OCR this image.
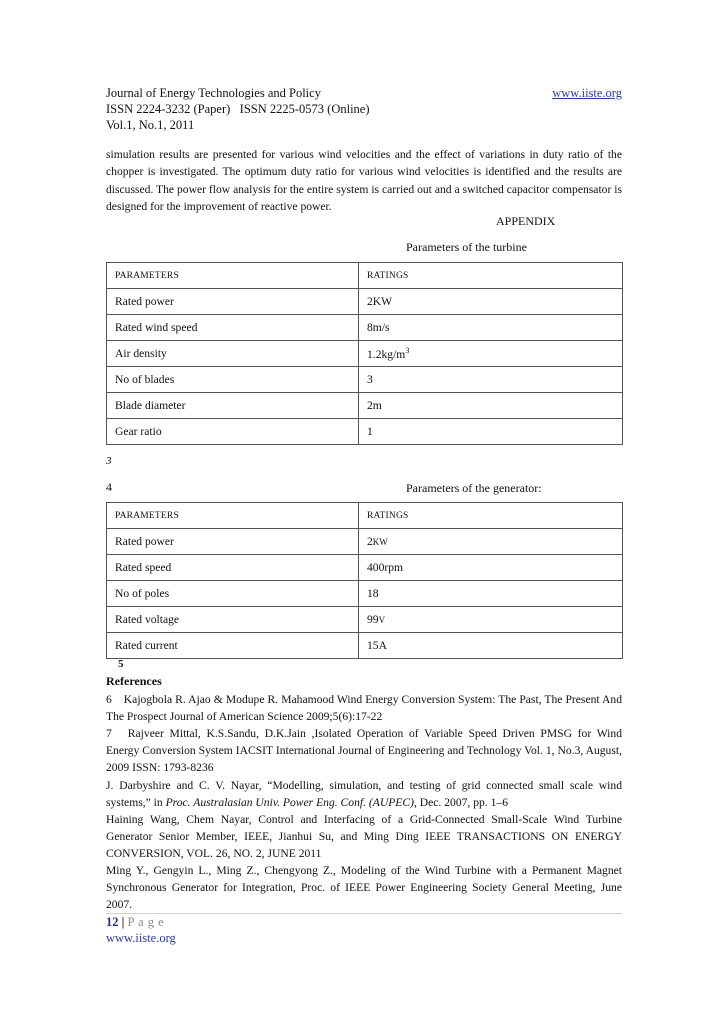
Journal of Energy Technologies and Policy	www.iiste.org
ISSN 2224-3232 (Paper)   ISSN 2225-0573 (Online)
Vol.1, No.1, 2011
simulation results are presented for various wind velocities and the effect of variations in duty ratio of the chopper is investigated. The optimum duty ratio for various wind velocities is identified and the results are discussed. The power flow analysis for the entire system is carried out and a switched capacitor compensator is designed for the improvement of reactive power.
APPENDIX
Parameters of the turbine
PARAMETERS	RATINGS
Rated power	2KW
Rated wind speed	8m/s
Air density	$1.2kg/m^3$
No of blades	3
Blade diameter	2m
Gear ratio	1
3
4	Parameters of the generator:
PARAMETERS	RATINGS
Rated power	2KW
Rated speed	400rpm
No of poles	18
Rated voltage	99V
Rated current	15A
5
References
6 Kajogbola R. Ajao & Modupe R. Mahamood Wind Energy Conversion System: The Past, The Present And The Prospect Journal of American Science 2009;5(6):17-22
7 Rajveer Mittal, K.S.Sandu, D.K.Jain ,Isolated Operation of Variable Speed Driven PMSG for Wind Energy Conversion System IACSIT International Journal of Engineering and Technology Vol. 1, No.3, August, 2009 ISSN: 1793-8236
J. Darbyshire and C. V. Nayar, “Modelling, simulation, and testing of grid connected small scale wind systems,” in Proc. Australasian Univ. Power Eng. Conf. (AUPEC), Dec. 2007, pp. 1–6
Haining Wang, Chem Nayar, Control and Interfacing of a Grid-Connected Small-Scale Wind Turbine Generator Senior Member, IEEE, Jianhui Su, and Ming Ding IEEE TRANSACTIONS ON ENERGY CONVERSION, VOL. 26, NO. 2, JUNE 2011
Ming Y., Gengyin L., Ming Z., Chengyong Z., Modeling of the Wind Turbine with a Permanent Magnet Synchronous Generator for Integration, Proc. of IEEE Power Engineering Society General Meeting, June 2007.
12 | P a g e
www.iiste.org
